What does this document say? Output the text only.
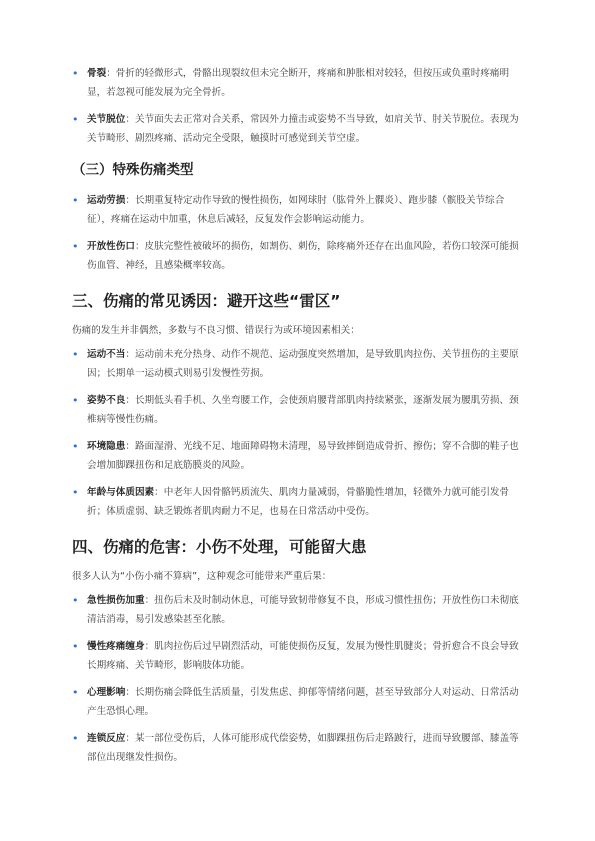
• 骨裂：骨折的轻微形式，骨骼出现裂纹但未完全断开，疼痛和肿胀相对较轻，但按压或负重时疼痛明显，若忽视可能发展为完全骨折。
• 关节脱位：关节面失去正常对合关系，常因外力撞击或姿势不当导致，如肩关节、肘关节脱位。表现为关节畸形、剧烈疼痛、活动完全受限，触摸时可感觉到关节空虚。
（三）特殊伤痛类型
• 运动劳损：长期重复特定动作导致的慢性损伤，如网球肘（肱骨外上髁炎）、跑步膝（髌股关节综合征），疼痛在运动中加重，休息后减轻，反复发作会影响运动能力。
• 开放性伤口：皮肤完整性被破坏的损伤，如割伤、刺伤，除疼痛外还存在出血风险，若伤口较深可能损伤血管、神经，且感染概率较高。
三、伤痛的常见诱因：避开这些“雷区”

伤痛的发生并非偶然，多数与不良习惯、错误行为或环境因素相关：

• 运动不当：运动前未充分热身、动作不规范、运动强度突然增加，是导致肌肉拉伤、关节扭伤的主要原因；长期单一运动模式则易引发慢性劳损。
• 姿势不良：长期低头看手机、久坐弯腰工作，会使颈肩腰背部肌肉持续紧张，逐渐发展为腰肌劳损、颈椎病等慢性伤痛。
• 环境隐患：路面湿滑、光线不足、地面障碍物未清理，易导致摔倒造成骨折、擦伤；穿不合脚的鞋子也会增加脚踝扭伤和足底筋膜炎的风险。
• 年龄与体质因素：中老年人因骨骼钙质流失、肌肉力量减弱，骨骼脆性增加，轻微外力就可能引发骨折；体质虚弱、缺乏锻炼者肌肉耐力不足，也易在日常活动中受伤。
四、伤痛的危害：小伤不处理，可能留大患

很多人认为“小伤小痛不算病”，这种观念可能带来严重后果：

• 急性损伤加重：扭伤后未及时制动休息，可能导致韧带修复不良，形成习惯性扭伤；开放性伤口未彻底清洁消毒，易引发感染甚至化脓。
• 慢性疼痛缠身：肌肉拉伤后过早剧烈活动，可能使损伤反复，发展为慢性肌腱炎；骨折愈合不良会导致长期疼痛、关节畸形，影响肢体功能。
• 心理影响：长期伤痛会降低生活质量，引发焦虑、抑郁等情绪问题，甚至导致部分人对运动、日常活动产生恐惧心理。
• 连锁反应：某一部位受伤后，人体可能形成代偿姿势，如脚踝扭伤后走路跛行，进而导致腰部、膝盖等部位出现继发性损伤。
